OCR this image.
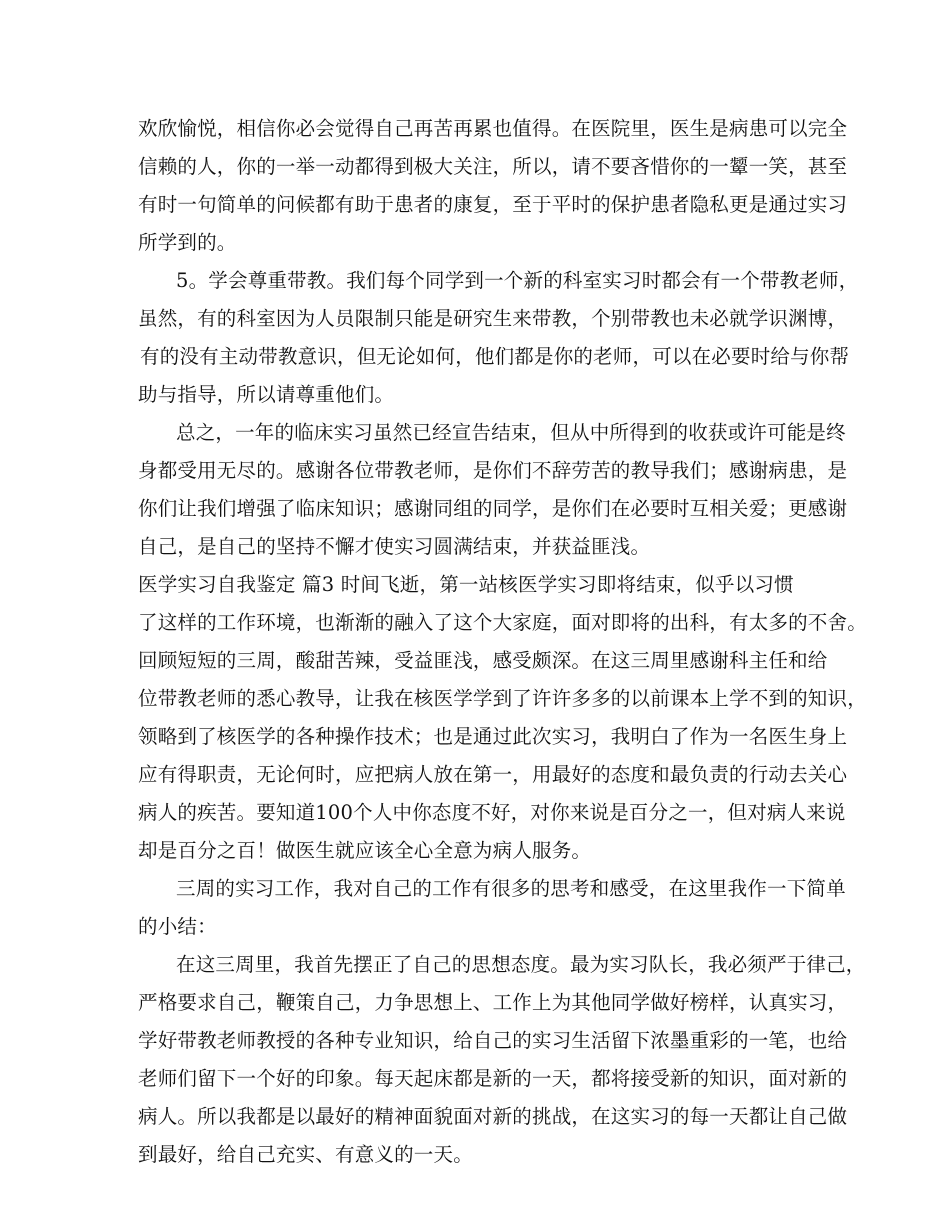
欢欣愉悦，相信你必会觉得自己再苦再累也值得。在医院里，医生是病患可以完全
信赖的人，你的一举一动都得到极大关注，所以，请不要吝惜你的一颦一笑，甚至
有时一句简单的问候都有助于患者的康复，至于平时的保护患者隐私更是通过实习
所学到的。
5。学会尊重带教。我们每个同学到一个新的科室实习时都会有一个带教老师，
虽然，有的科室因为人员限制只能是研究生来带教，个别带教也未必就学识渊博，
有的没有主动带教意识，但无论如何，他们都是你的老师，可以在必要时给与你帮
助与指导，所以请尊重他们。
总之，一年的临床实习虽然已经宣告结束，但从中所得到的收获或许可能是终
身都受用无尽的。感谢各位带教老师，是你们不辞劳苦的教导我们；感谢病患，是
你们让我们增强了临床知识；感谢同组的同学，是你们在必要时互相关爱；更感谢
自己，是自己的坚持不懈才使实习圆满结束，并获益匪浅。
医学实习自我鉴定 篇3 时间飞逝，第一站核医学实习即将结束，似乎以习惯
了这样的工作环境，也渐渐的融入了这个大家庭，面对即将的出科，有太多的不舍。
回顾短短的三周，酸甜苦辣，受益匪浅，感受颇深。在这三周里感谢科主任和给
位带教老师的悉心教导，让我在核医学学到了许许多多的以前课本上学不到的知识，
领略到了核医学的各种操作技术；也是通过此次实习，我明白了作为一名医生身上
应有得职责，无论何时，应把病人放在第一，用最好的态度和最负责的行动去关心
病人的疾苦。要知道100个人中你态度不好，对你来说是百分之一，但对病人来说
却是百分之百！做医生就应该全心全意为病人服务。
三周的实习工作，我对自己的工作有很多的思考和感受，在这里我作一下简单
的小结：
在这三周里，我首先摆正了自己的思想态度。最为实习队长，我必须严于律己，
严格要求自己，鞭策自己，力争思想上、工作上为其他同学做好榜样，认真实习，
学好带教老师教授的各种专业知识，给自己的实习生活留下浓墨重彩的一笔，也给
老师们留下一个好的印象。每天起床都是新的一天，都将接受新的知识，面对新的
病人。所以我都是以最好的精神面貌面对新的挑战，在这实习的每一天都让自己做
到最好，给自己充实、有意义的一天。
